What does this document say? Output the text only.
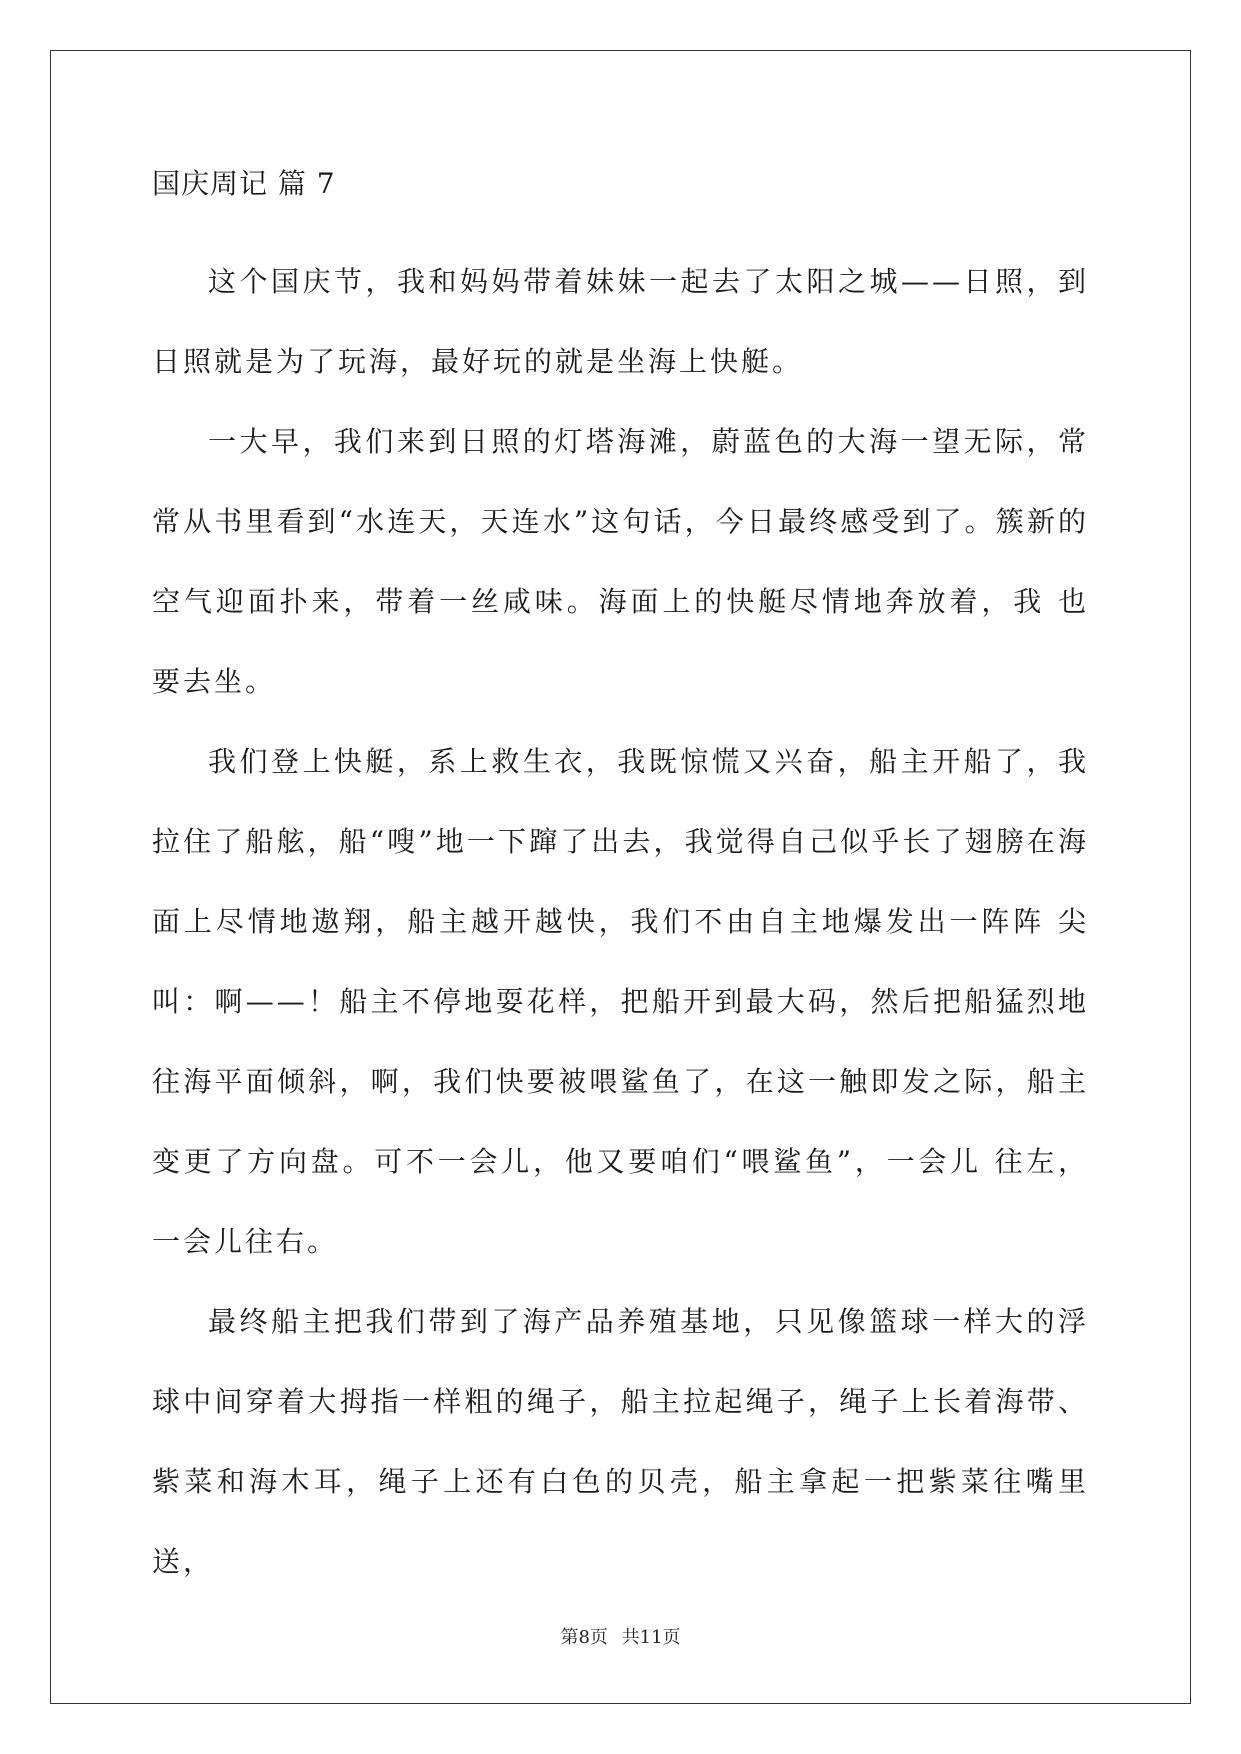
国庆周记 篇 7

这个国庆节，我和妈妈带着妹妹一起去了太阳之城——日照，到日照就是为了玩海，最好玩的就是坐海上快艇。

一大早，我们来到日照的灯塔海滩，蔚蓝色的大海一望无际，常常从书里看到“水连天，天连水”这句话，今日最终感受到了。簇新的空气迎面扑来，带着一丝咸味。海面上的快艇尽情地奔放着，我 也要去坐。

我们登上快艇，系上救生衣，我既惊慌又兴奋，船主开船了，我拉住了船舷，船“嗖”地一下蹿了出去，我觉得自己似乎长了翅膀在海面上尽情地遨翔，船主越开越快，我们不由自主地爆发出一阵阵 尖叫：啊——！船主不停地耍花样，把船开到最大码，然后把船猛烈地往海平面倾斜，啊，我们快要被喂鲨鱼了，在这一触即发之际，船主变更了方向盘。可不一会儿，他又要咱们“喂鲨鱼”，一会儿 往左，一会儿往右。

最终船主把我们带到了海产品养殖基地，只见像篮球一样大的浮球中间穿着大拇指一样粗的绳子，船主拉起绳子，绳子上长着海带、紫菜和海木耳，绳子上还有白色的贝壳，船主拿起一把紫菜往嘴里 送，

第8页 共11页
